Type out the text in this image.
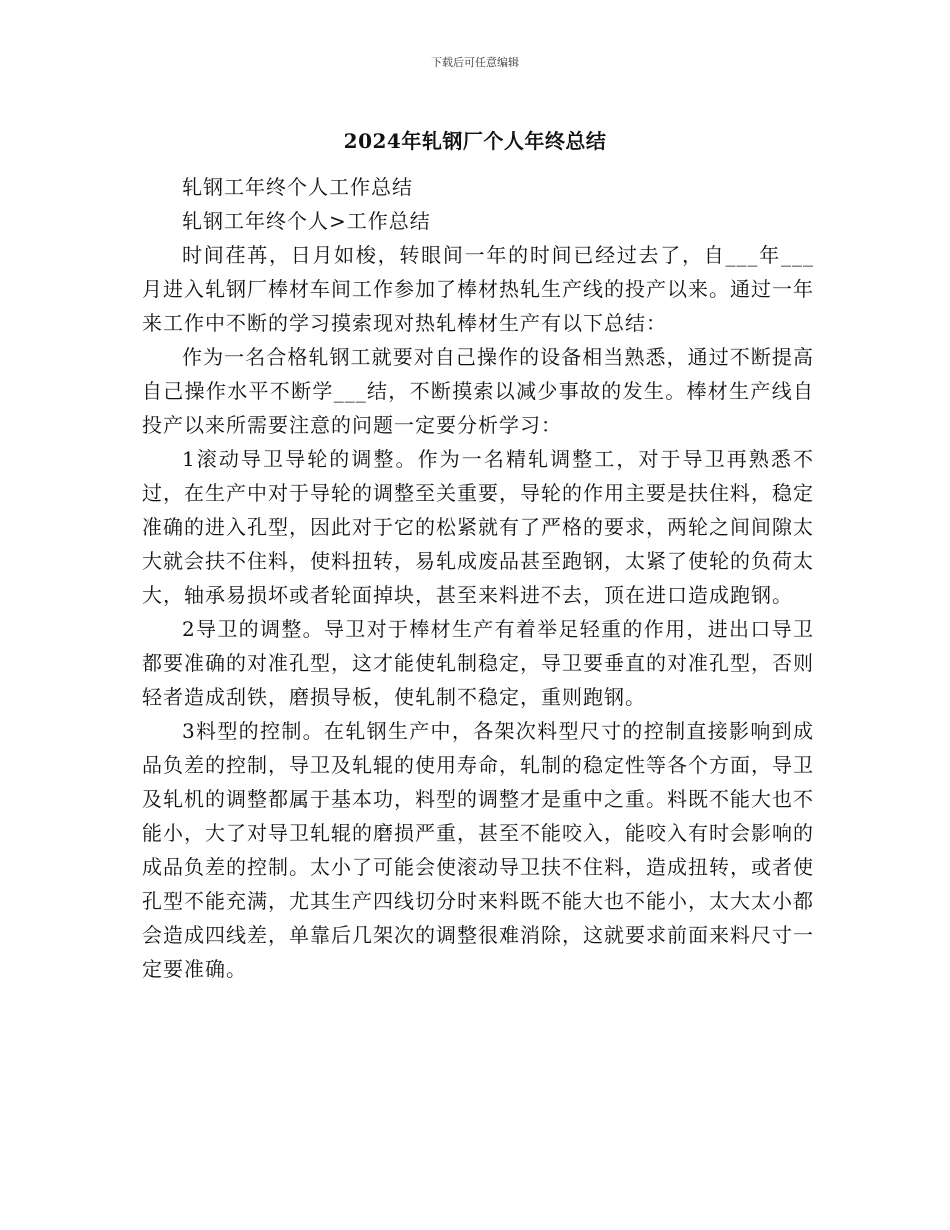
下载后可任意编辑
2024年轧钢厂个人年终总结

轧钢工年终个人工作总结

轧钢工年终个人>工作总结

时间荏苒，日月如梭，转眼间一年的时间已经过去了，自___年___月进入轧钢厂棒材车间工作参加了棒材热轧生产线的投产以来。通过一年来工作中不断的学习摸索现对热轧棒材生产有以下总结：

作为一名合格轧钢工就要对自己操作的设备相当熟悉，通过不断提高自己操作水平不断学___结，不断摸索以减少事故的发生。棒材生产线自投产以来所需要注意的问题一定要分析学习：

1滚动导卫导轮的调整。作为一名精轧调整工，对于导卫再熟悉不过，在生产中对于导轮的调整至关重要，导轮的作用主要是扶住料，稳定准确的进入孔型，因此对于它的松紧就有了严格的要求，两轮之间间隙太大就会扶不住料，使料扭转，易轧成废品甚至跑钢，太紧了使轮的负荷太大，轴承易损坏或者轮面掉块，甚至来料进不去，顶在进口造成跑钢。

2导卫的调整。导卫对于棒材生产有着举足轻重的作用，进出口导卫都要准确的对准孔型，这才能使轧制稳定，导卫要垂直的对准孔型，否则轻者造成刮铁，磨损导板，使轧制不稳定，重则跑钢。

3料型的控制。在轧钢生产中，各架次料型尺寸的控制直接影响到成品负差的控制，导卫及轧辊的使用寿命，轧制的稳定性等各个方面，导卫及轧机的调整都属于基本功，料型的调整才是重中之重。料既不能大也不能小，大了对导卫轧辊的磨损严重，甚至不能咬入，能咬入有时会影响的成品负差的控制。太小了可能会使滚动导卫扶不住料，造成扭转，或者使孔型不能充满，尤其生产四线切分时来料既不能大也不能小，太大太小都会造成四线差，单靠后几架次的调整很难消除，这就要求前面来料尺寸一定要准确。
